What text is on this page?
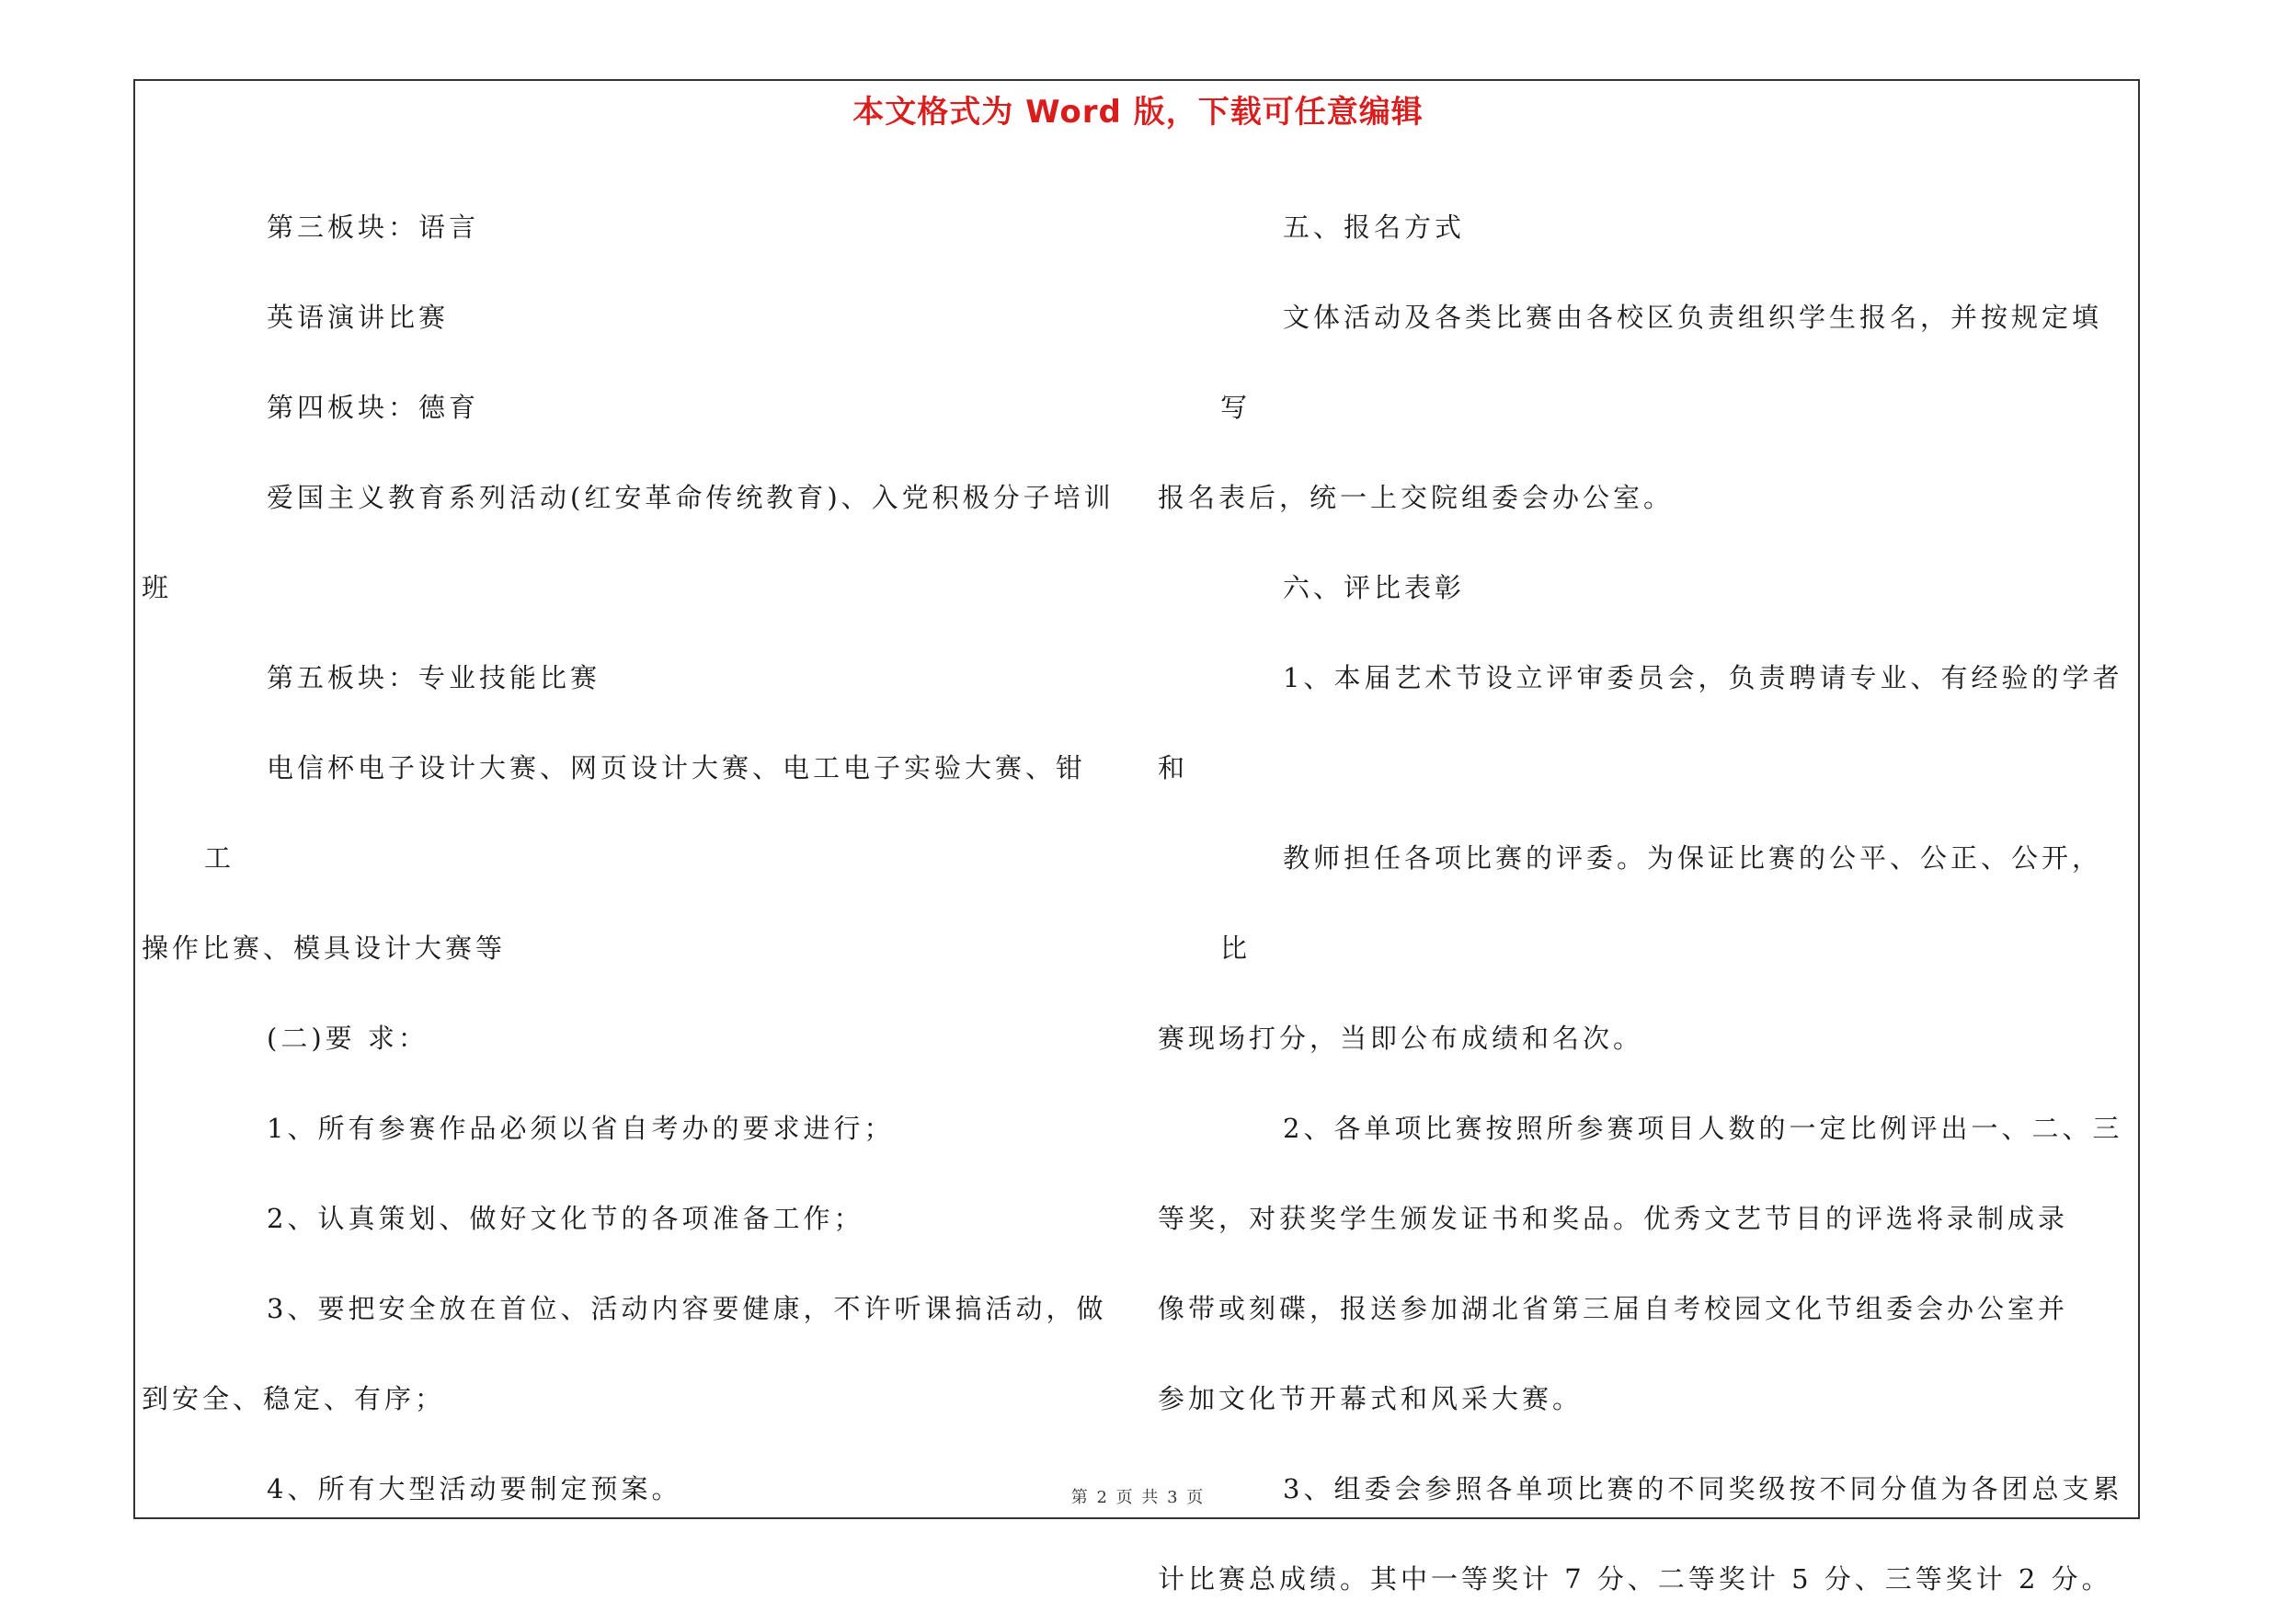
本文格式为 Word 版，下载可任意编辑
第三板块：语言
英语演讲比赛
第四板块：德育
爱国主义教育系列活动(红安革命传统教育)、入党积极分子培训
班
第五板块：专业技能比赛
电信杯电子设计大赛、网页设计大赛、电工电子实验大赛、钳工
操作比赛、模具设计大赛等
(二)要 求：
1、所有参赛作品必须以省自考办的要求进行；
2、认真策划、做好文化节的各项准备工作；
3、要把安全放在首位、活动内容要健康，不许听课搞活动，做
到安全、稳定、有序；
4、所有大型活动要制定预案。
五、报名方式
文体活动及各类比赛由各校区负责组织学生报名，并按规定填写
报名表后，统一上交院组委会办公室。
六、评比表彰
1、本届艺术节设立评审委员会，负责聘请专业、有经验的学者
和
教师担任各项比赛的评委。为保证比赛的公平、公正、公开，比
赛现场打分，当即公布成绩和名次。
2、各单项比赛按照所参赛项目人数的一定比例评出一、二、三
等奖，对获奖学生颁发证书和奖品。优秀文艺节目的评选将录制成录
像带或刻碟，报送参加湖北省第三届自考校园文化节组委会办公室并
参加文化节开幕式和风采大赛。
3、组委会参照各单项比赛的不同奖级按不同分值为各团总支累
计比赛总成绩。其中一等奖计 7 分、二等奖计 5 分、三等奖计 2 分。
第 2 页 共 3 页
